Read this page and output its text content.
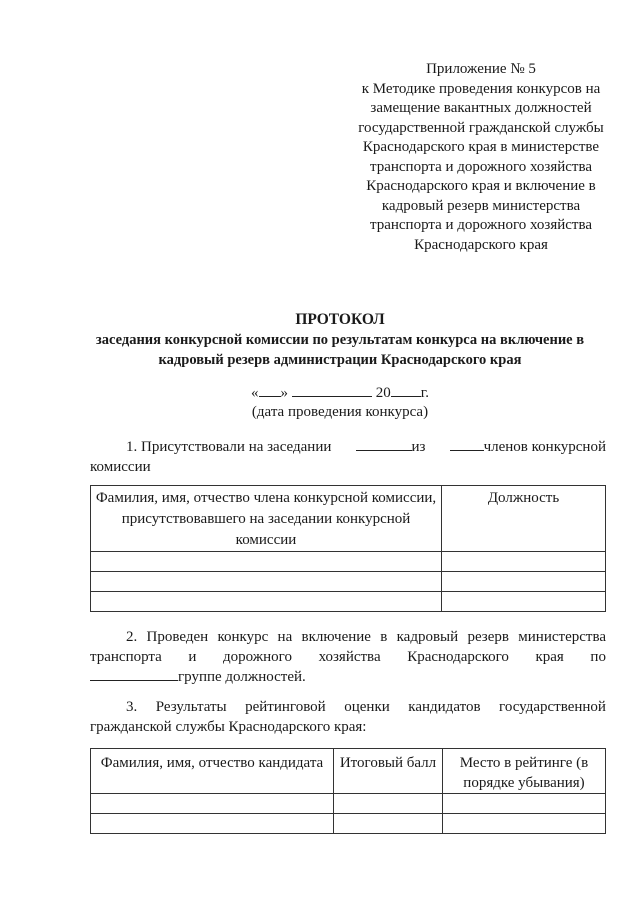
Приложение № 5
к Методике проведения конкурсов на
замещение вакантных должностей
государственной гражданской службы
Краснодарского края в министерстве
транспорта и дорожного хозяйства
Краснодарского края и включение в
кадровый резерв министерства
транспорта и дорожного хозяйства
Краснодарского края
ПРОТОКОЛ
заседания конкурсной комиссии по результатам конкурса на включение в
кадровый резерв администрации Краснодарского края
« »	20 г.
(дата проведения конкурса)
1. Присутствовали на заседании	из	членов конкурсной
комиссии
Фамилия, имя, отчество члена конкурсной комиссии, присутствовавшего на заседании конкурсной комиссии	Должность

2. Проведен конкурс на включение в кадровый резерв министерства
транспорта и дорожного хозяйства Краснодарского края по
группе должностей.
3. Результаты рейтинговой оценки кандидатов государственной
гражданской службы Краснодарского края:
Фамилия, имя, отчество кандидата	Итоговый балл	Место в рейтинге (в порядке убывания)
